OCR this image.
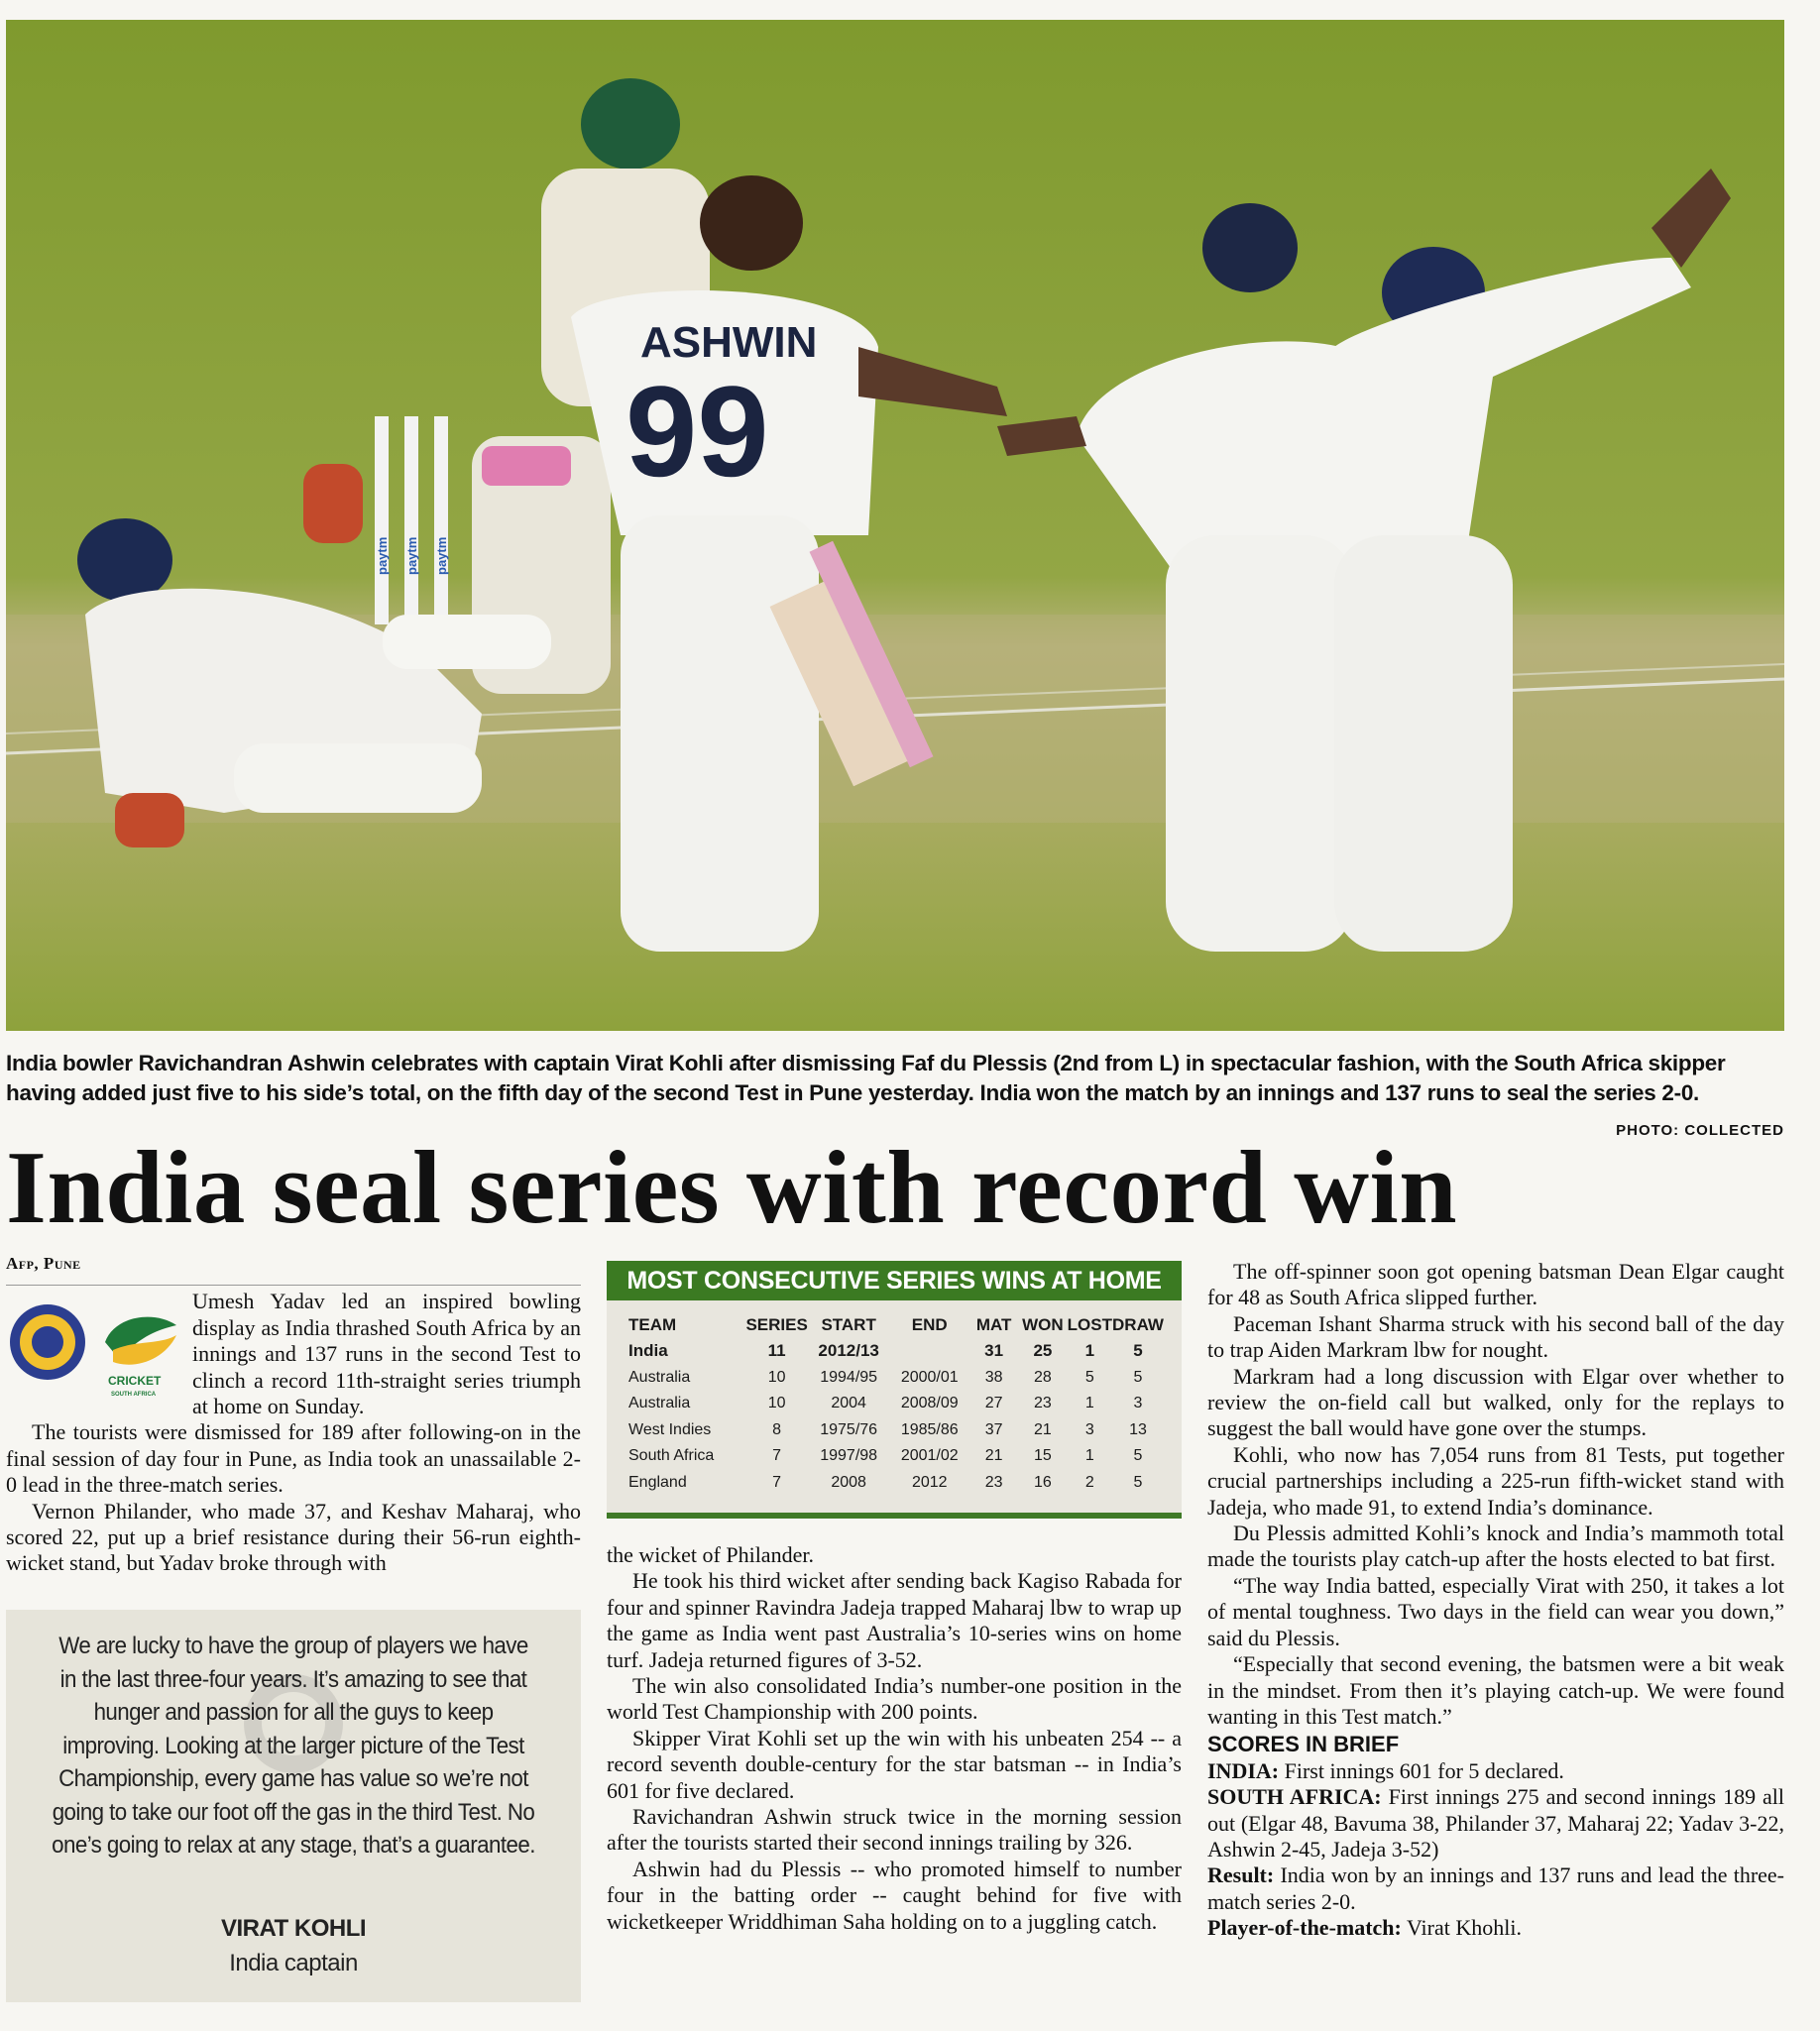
paytm paytm paytm
ASHWIN
99
India bowler Ravichandran Ashwin celebrates with captain Virat Kohli after dismissing Faf du Plessis (2nd from L) in spectacular fashion, with the South Africa skipper having added just five to his side’s total, on the fifth day of the second Test in Pune yesterday. India won the match by an innings and 137 runs to seal the series 2-0.
PHOTO: COLLECTED
India seal series with record win
Afp, Pune
CRICKET
SOUTH AFRICA

Umesh Yadav led an inspired bowling display as India thrashed South Africa by an innings and 137 runs in the second Test to clinch a record 11th-straight series triumph at home on Sunday.

The tourists were dismissed for 189 after following-on in the final session of day four in Pune, as India took an unassailable 2-0 lead in the three-match series.

Vernon Philander, who made 37, and Keshav Maharaj, who scored 22, put up a brief resistance during their 56-run eighth-wicket stand, but Yadav broke through with

We are lucky to have the group of players we have in the last three-four years. It’s amazing to see that hunger and passion for all the guys to keep improving. Looking at the larger picture of the Test Championship, every game has value so we’re not going to take our foot off the gas in the third Test. No one’s going to relax at any stage, that’s a guarantee.
VIRAT KOHLI
India captain
MOST CONSECUTIVE SERIES WINS AT HOME
TEAM	SERIES	START	END	MAT	WON	LOST	DRAW
India	11	2012/13		31	25	1	5
Australia	10	1994/95	2000/01	38	28	5	5
Australia	10	2004	2008/09	27	23	1	3
West Indies	8	1975/76	1985/86	37	21	3	13
South Africa	7	1997/98	2001/02	21	15	1	5
England	7	2008	2012	23	16	2	5

the wicket of Philander.

He took his third wicket after sending back Kagiso Rabada for four and spinner Ravindra Jadeja trapped Maharaj lbw to wrap up the game as India went past Australia’s 10-series wins on home turf. Jadeja returned figures of 3-52.

The win also consolidated India’s number-one position in the world Test Championship with 200 points.

Skipper Virat Kohli set up the win with his unbeaten 254 -- a record seventh double-century for the star batsman -- in India’s 601 for five declared.

Ravichandran Ashwin struck twice in the morning session after the tourists started their second innings trailing by 326.

Ashwin had du Plessis -- who promoted himself to number four in the batting order -- caught behind for five with wicketkeeper Wriddhiman Saha holding on to a juggling catch.

The off-spinner soon got opening batsman Dean Elgar caught for 48 as South Africa slipped further.

Paceman Ishant Sharma struck with his second ball of the day to trap Aiden Markram lbw for nought.

Markram had a long discussion with Elgar over whether to review the on-field call but walked, only for the replays to suggest the ball would have gone over the stumps.

Kohli, who now has 7,054 runs from 81 Tests, put together crucial partnerships including a 225-run fifth-wicket stand with Jadeja, who made 91, to extend India’s dominance.

Du Plessis admitted Kohli’s knock and India’s mammoth total made the tourists play catch-up after the hosts elected to bat first.

“The way India batted, especially Virat with 250, it takes a lot of mental toughness. Two days in the field can wear you down,” said du Plessis.

“Especially that second evening, the batsmen were a bit weak in the mindset. From then it’s playing catch-up. We were found wanting in this Test match.”

SCORES IN BRIEF

INDIA: First innings 601 for 5 declared.

SOUTH AFRICA: First innings 275 and second innings 189 all out (Elgar 48, Bavuma 38, Philander 37, Maharaj 22; Yadav 3-22, Ashwin 2-45, Jadeja 3-52)

Result: India won by an innings and 137 runs and lead the three-match series 2-0.

Player-of-the-match: Virat Khohli.
